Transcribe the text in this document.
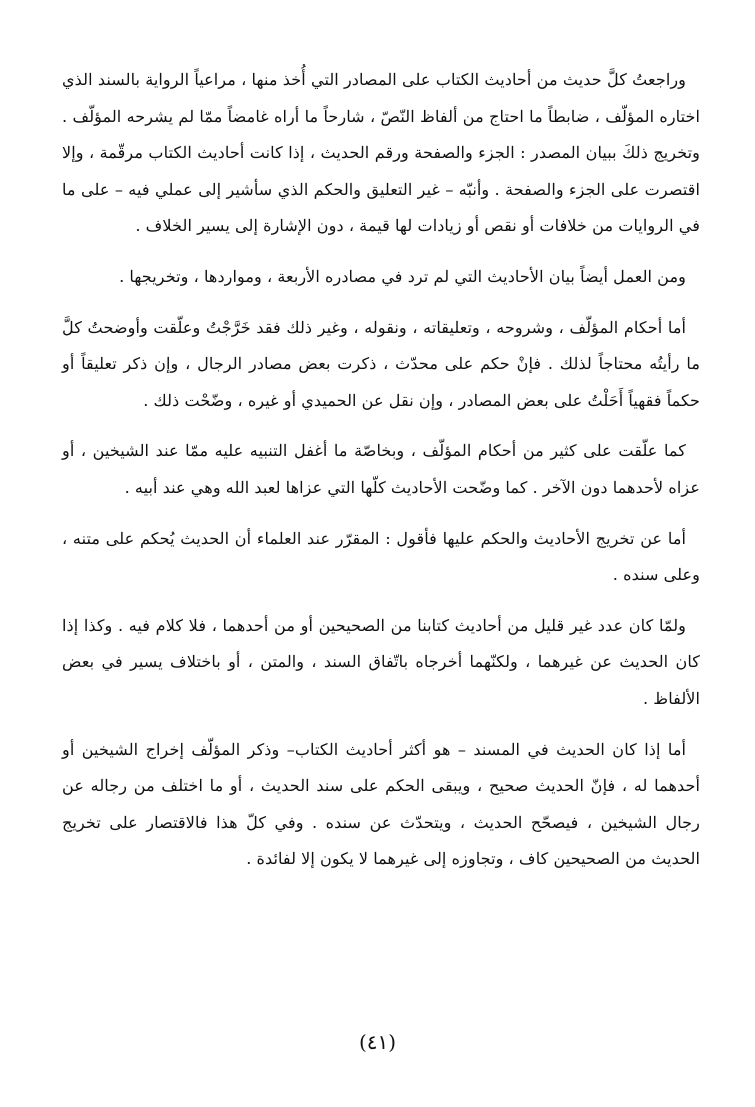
وراجعتُ كلَّ حديث من أحاديث الكتاب على المصادر التي أُخذ منها ، مراعياً الرواية بالسند الذي اختاره المؤلّف ، ضابطاً ما احتاج من ألفاظ النّصّ ، شارحاً ما أراه غامضاً ممّا لم يشرحه المؤلّف . وتخريج ذلكَ ببيان المصدر : الجزء والصفحة ورقم الحديث ، إذا كانت أحاديث الكتاب مرقّمة ، وإلا اقتصرت على الجزء والصفحة . وأنبّه – غير التعليق والحكم الذي سأشير إلى عملي فيه – على ما في الروايات من خلافات أو نقص أو زيادات لها قيمة ، دون الإشارة إلى يسير الخلاف .

ومن العمل أيضاً بيان الأحاديث التي لم ترد في مصادره الأربعة ، ومواردها ، وتخريجها .

أما أحكام المؤلّف ، وشروحه ، وتعليقاته ، ونقوله ، وغير ذلك فقد خَرَّجْتُ وعلّقت وأوضحتُ كلَّ ما رأيتُه محتاجاً لذلك . فإنْ حكم على محدّث ، ذكرت بعض مصادر الرجال ، وإن ذكر تعليقاً أو حكماً فقهياً أَحَلْتُ على بعض المصادر ، وإن نقل عن الحميدي أو غيره ، وضّحْت ذلك .

كما علّقت على كثير من أحكام المؤلّف ، وبخاصّة ما أغفل التنبيه عليه ممّا عند الشيخين ، أو عزاه لأحدهما دون الآخر . كما وضّحت الأحاديث كلّها التي عزاها لعبد الله وهي عند أبيه .

أما عن تخريج الأحاديث والحكم عليها فأقول : المقرّر عند العلماء أن الحديث يُحكم على متنه ، وعلى سنده .

ولمّا كان عدد غير قليل من أحاديث كتابنا من الصحيحين أو من أحدهما ، فلا كلام فيه . وكذا إذا كان الحديث عن غيرهما ، ولكنّهما أخرجاه باتّفاق السند ، والمتن ، أو باختلاف يسير في بعض الألفاظ .

أما إذا كان الحديث في المسند – هو أكثر أحاديث الكتاب– وذكر المؤلّف إخراج الشيخين أو أحدهما له ، فإنّ الحديث صحيح ، ويبقى الحكم على سند الحديث ، أو ما اختلف من رجاله عن رجال الشيخين ، فيصحّح الحديث ، ويتحدّث عن سنده . وفي كلّ هذا فالاقتصار على تخريج الحديث من الصحيحين كاف ، وتجاوزه إلى غيرهما لا يكون إلا لفائدة .

(٤١)
